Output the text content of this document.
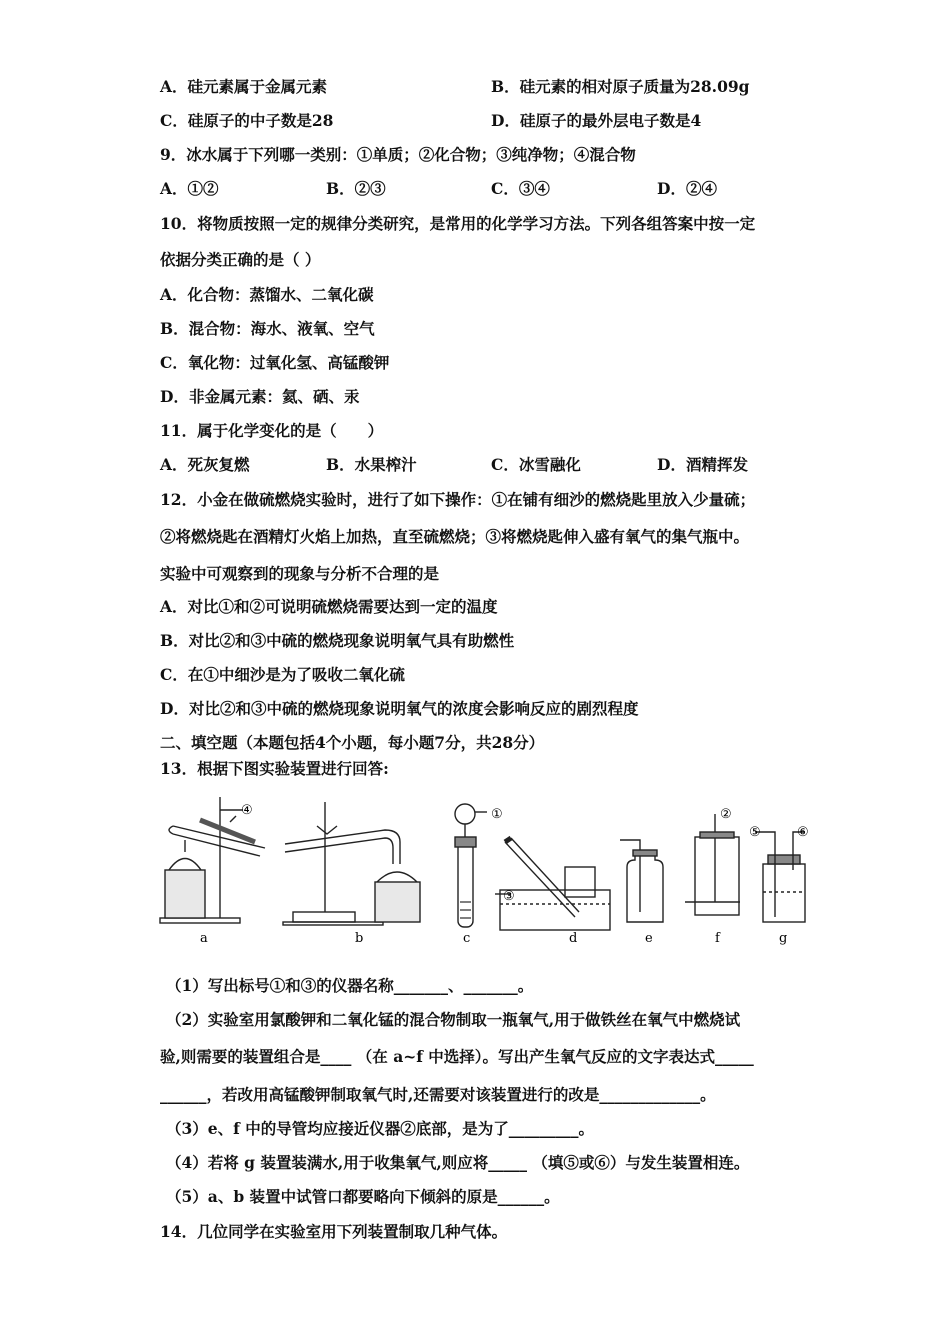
A．硅元素属于金属元素	B．硅元素的相对原子质量为28.09g
C．硅原子的中子数是28	D．硅原子的最外层电子数是4
9．冰水属于下列哪一类别：①单质；②化合物；③纯净物；④混合物
A．①②	B．②③	C．③④	D．②④
10．将物质按照一定的规律分类研究，是常用的化学学习方法。下列各组答案中按一定
依据分类正确的是（ ）
A．化合物：蒸馏水、二氧化碳
B．混合物：海水、液氧、空气
C．氧化物：过氧化氢、高锰酸钾
D．非金属元素：氦、硒、汞
11．属于化学变化的是（　　）
A．死灰复燃	B．水果榨汁	C．冰雪融化	D．酒精挥发
12．小金在做硫燃烧实验时，进行了如下操作：①在铺有细沙的燃烧匙里放入少量硫；
②将燃烧匙在酒精灯火焰上加热，直至硫燃烧；③将燃烧匙伸入盛有氧气的集气瓶中。
实验中可观察到的现象与分析不合理的是
A．对比①和②可说明硫燃烧需要达到一定的温度
B．对比②和③中硫的燃烧现象说明氧气具有助燃性
C．在①中细沙是为了吸收二氧化硫
D．对比②和③中硫的燃烧现象说明氧气的浓度会影响反应的剧烈程度
二、填空题（本题包括4个小题，每小题7分，共28分）
13．根据下图实验装置进行回答:
④	①	②
③
⑤	⑥
a	b	c	d	e	f	g
（1）写出标号①和③的仪器名称_______、_______。
（2）实验室用氯酸钾和二氧化锰的混合物制取一瓶氧气,用于做铁丝在氧气中燃烧试
验,则需要的装置组合是____ （在 a~f 中选择）。写出产生氧气反应的文字表达式_____
______，若改用高锰酸钾制取氧气时,还需要对该装置进行的改是_____________。
（3）e、f 中的导管均应接近仪器②底部，是为了_________。
（4）若将 g 装置装满水,用于收集氧气,则应将_____ （填⑤或⑥）与发生装置相连。
（5）a、b 装置中试管口都要略向下倾斜的原是______。
14．几位同学在实验室用下列装置制取几种气体。
